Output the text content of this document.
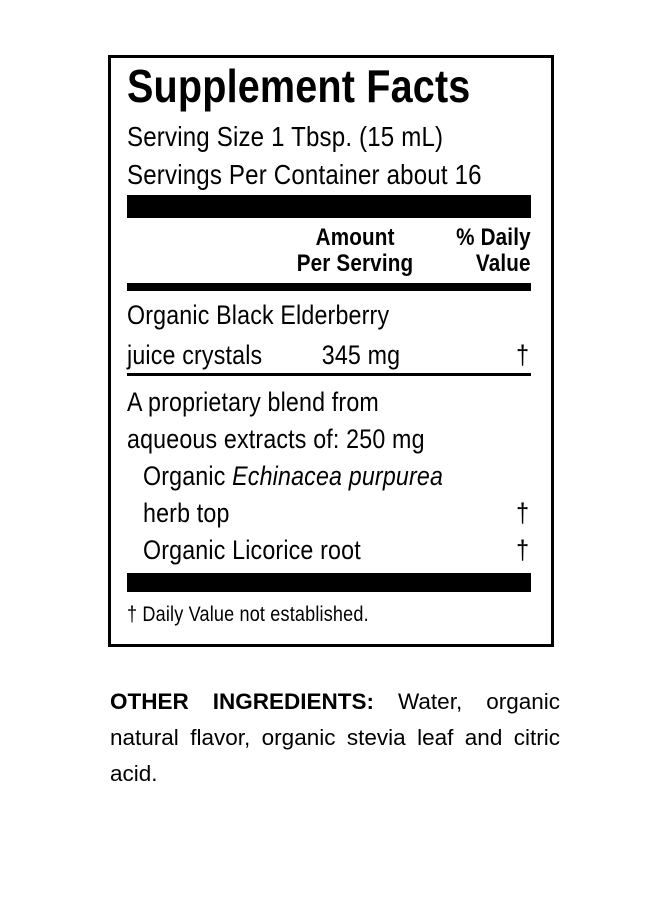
Supplement Facts
Serving Size 1 Tbsp. (15 mL)
Servings Per Container about 16
Amount
Per Serving
% Daily
Value
Organic Black Elderberry
juice crystals	345 mg	†
A proprietary blend from
aqueous extracts of: 250 mg
Organic Echinacea purpurea
herb top	†
Organic Licorice root	†
† Daily Value not established.

OTHER INGREDIENTS: Water, organic natural flavor, organic stevia leaf and citric acid.
